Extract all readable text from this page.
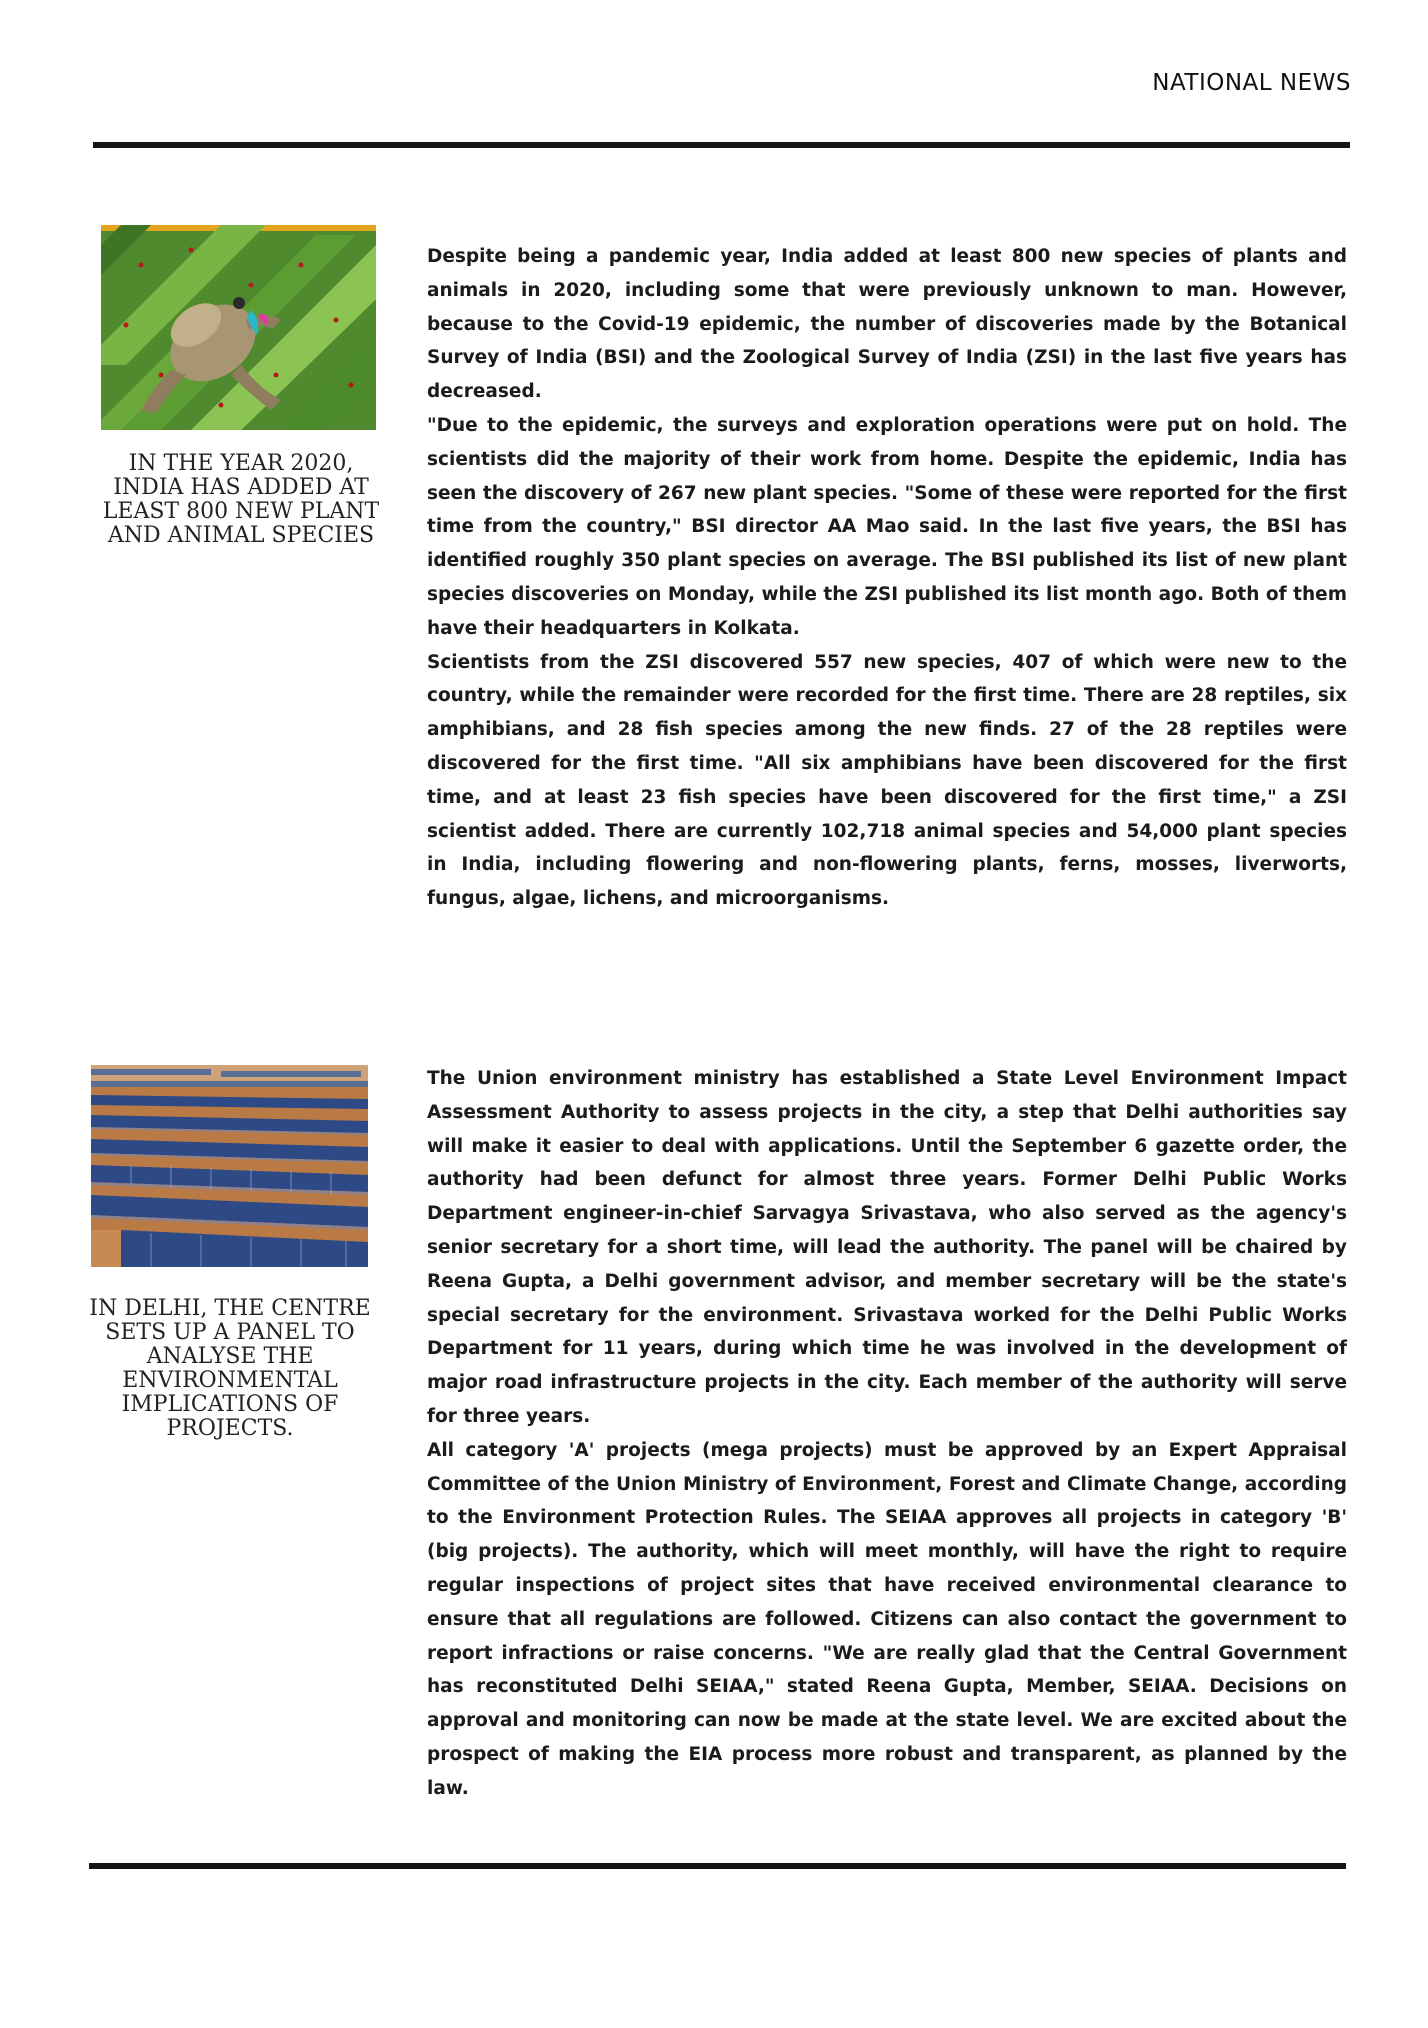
NATIONAL NEWS
IN THE YEAR 2020, INDIA HAS ADDED AT LEAST 800 NEW PLANT AND ANIMAL SPECIES

Despite being a pandemic year, India added at least 800 new species of plants and animals in 2020, including some that were previously unknown to man. However, because to the Covid-19 epidemic, the number of discoveries made by the Botanical Survey of India (BSI) and the Zoological Survey of India (ZSI) in the last five years has decreased.

"Due to the epidemic, the surveys and exploration operations were put on hold. The scientists did the majority of their work from home. Despite the epidemic, India has seen the discovery of 267 new plant species. "Some of these were reported for the first time from the country," BSI director AA Mao said. In the last five years, the BSI has identified roughly 350 plant species on average. The BSI published its list of new plant species discoveries on Monday, while the ZSI published its list month ago. Both of them have their headquarters in Kolkata.

Scientists from the ZSI discovered 557 new species, 407 of which were new to the country, while the remainder were recorded for the first time. There are 28 reptiles, six amphibians, and 28 fish species among the new finds. 27 of the 28 reptiles were discovered for the first time. "All six amphibians have been discovered for the first time, and at least 23 fish species have been discovered for the first time," a ZSI scientist added. There are currently 102,718 animal species and 54,000 plant species in India, including flowering and non-flowering plants, ferns, mosses, liverworts, fungus, algae, lichens, and microorganisms.

IN DELHI, THE CENTRE SETS UP A PANEL TO ANALYSE THE ENVIRONMENTAL IMPLICATIONS OF PROJECTS.

The Union environment ministry has established a State Level Environment Impact Assessment Authority to assess projects in the city, a step that Delhi authorities say will make it easier to deal with applications. Until the September 6 gazette order, the authority had been defunct for almost three years. Former Delhi Public Works Department engineer-in-chief Sarvagya Srivastava, who also served as the agency's senior secretary for a short time, will lead the authority. The panel will be chaired by Reena Gupta, a Delhi government advisor, and member secretary will be the state's special secretary for the environment. Srivastava worked for the Delhi Public Works Department for 11 years, during which time he was involved in the development of major road infrastructure projects in the city. Each member of the authority will serve for three years.

All category 'A' projects (mega projects) must be approved by an Expert Appraisal Committee of the Union Ministry of Environment, Forest and Climate Change, according to the Environment Protection Rules. The SEIAA approves all projects in category 'B' (big projects). The authority, which will meet monthly, will have the right to require regular inspections of project sites that have received environmental clearance to ensure that all regulations are followed. Citizens can also contact the government to report infractions or raise concerns. "We are really glad that the Central Government has reconstituted Delhi SEIAA," stated Reena Gupta, Member, SEIAA. Decisions on approval and monitoring can now be made at the state level. We are excited about the prospect of making the EIA process more robust and transparent, as planned by the law.
